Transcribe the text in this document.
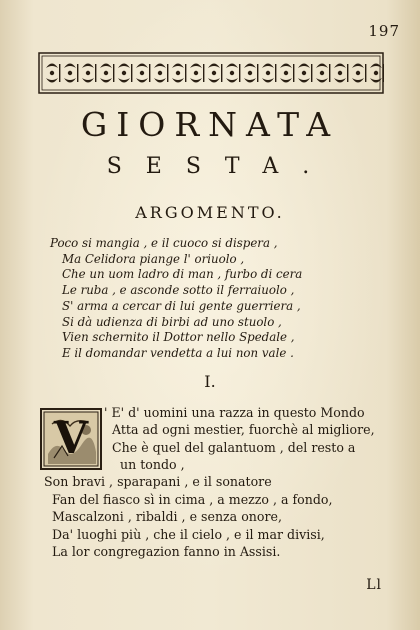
197
GIORNATA
SESTA.
ARGOMENTO.
Poco si mangia , e il cuoco si dispera ,
Ma Celidora piange l' oriuolo ,
Che un uom ladro di man , furbo di cera
Le ruba , e asconde sotto il ferraiuolo ,
S' arma a cercar di lui gente guerriera ,
Si dà udienza di birbi ad uno stuolo ,
Vien schernito il Dottor nello Spedale ,
E il domandar vendetta a lui non vale .
I.
V
' E' d' uomini una razza in questo Mondo
Atta ad ogni mestier, fuorchè al migliore,
Che è quel del galantuom , del resto a
un tondo ,
Son bravi , sparapani , e il sonatore
Fan del fiasco sì in cima , a mezzo , a fondo,
Mascalzoni , ribaldi , e senza onore,
Da' luoghi più , che il cielo , e il mar divisi,
La lor congregazion fanno in Assisi.
Ll
